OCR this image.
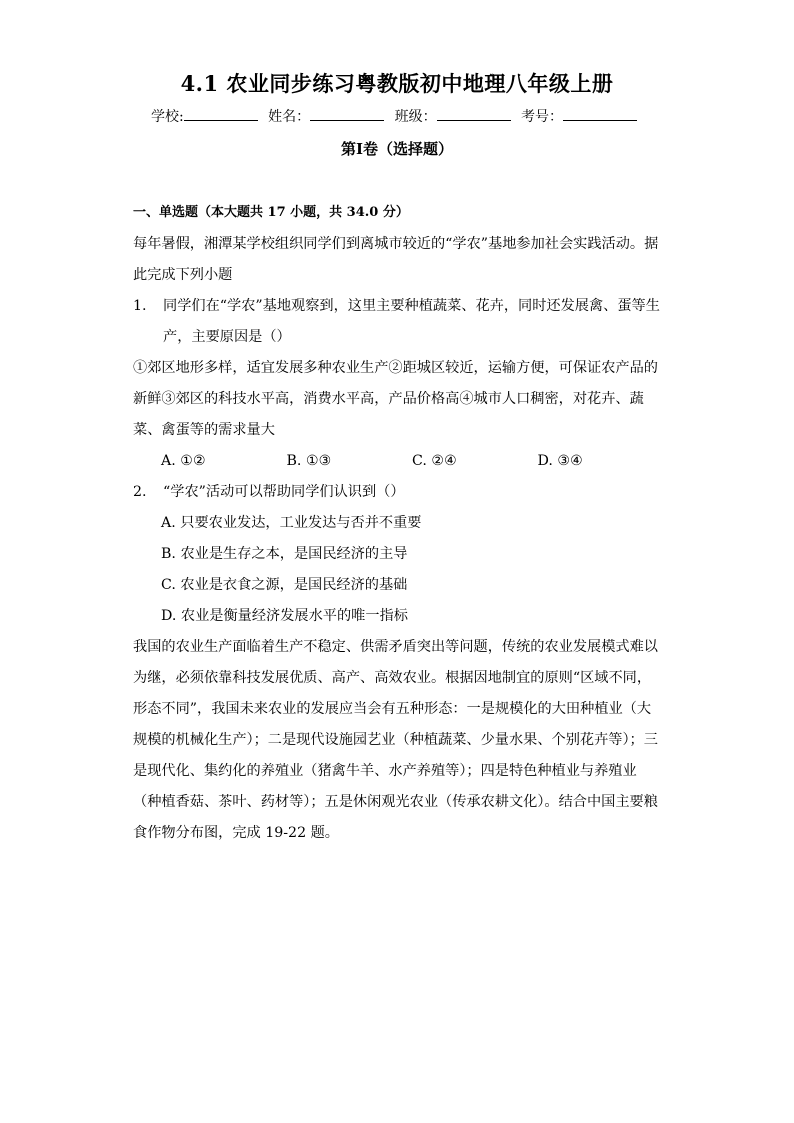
4.1 农业同步练习粤教版初中地理八年级上册
学校:	姓名：	班级：	考号：
第Ⅰ卷（选择题）
一、单选题（本大题共 17 小题，共 34.0 分）

每年暑假，湘潭某学校组织同学们到离城市较近的“学农”基地参加社会实践活动。据此完成下列小题

1.	同学们在“学农”基地观察到，这里主要种植蔬菜、花卉，同时还发展禽、蛋等生产，主要原因是（）

①郊区地形多样，适宜发展多种农业生产②距城区较近，运输方便，可保证农产品的新鲜③郊区的科技水平高，消费水平高，产品价格高④城市人口稠密，对花卉、蔬菜、禽蛋等的需求量大

A. ①②	B. ①③	C. ②④	D. ③④
2.	“学农”活动可以帮助同学们认识到（）
A. 只要农业发达，工业发达与否并不重要
B. 农业是生存之本，是国民经济的主导
C. 农业是衣食之源，是国民经济的基础
D. 农业是衡量经济发展水平的唯一指标

我国的农业生产面临着生产不稳定、供需矛盾突出等问题，传统的农业发展模式难以为继，必须依靠科技发展优质、高产、高效农业。根据因地制宜的原则“区域不同，形态不同”，我国未来农业的发展应当会有五种形态：一是规模化的大田种植业（大规模的机械化生产）；二是现代设施园艺业（种植蔬菜、少量水果、个别花卉等）；三是现代化、集约化的养殖业（猪禽牛羊、水产养殖等）；四是特色种植业与养殖业（种植香菇、茶叶、药材等）；五是休闲观光农业（传承农耕文化）。结合中国主要粮食作物分布图，完成 19-22 题。
